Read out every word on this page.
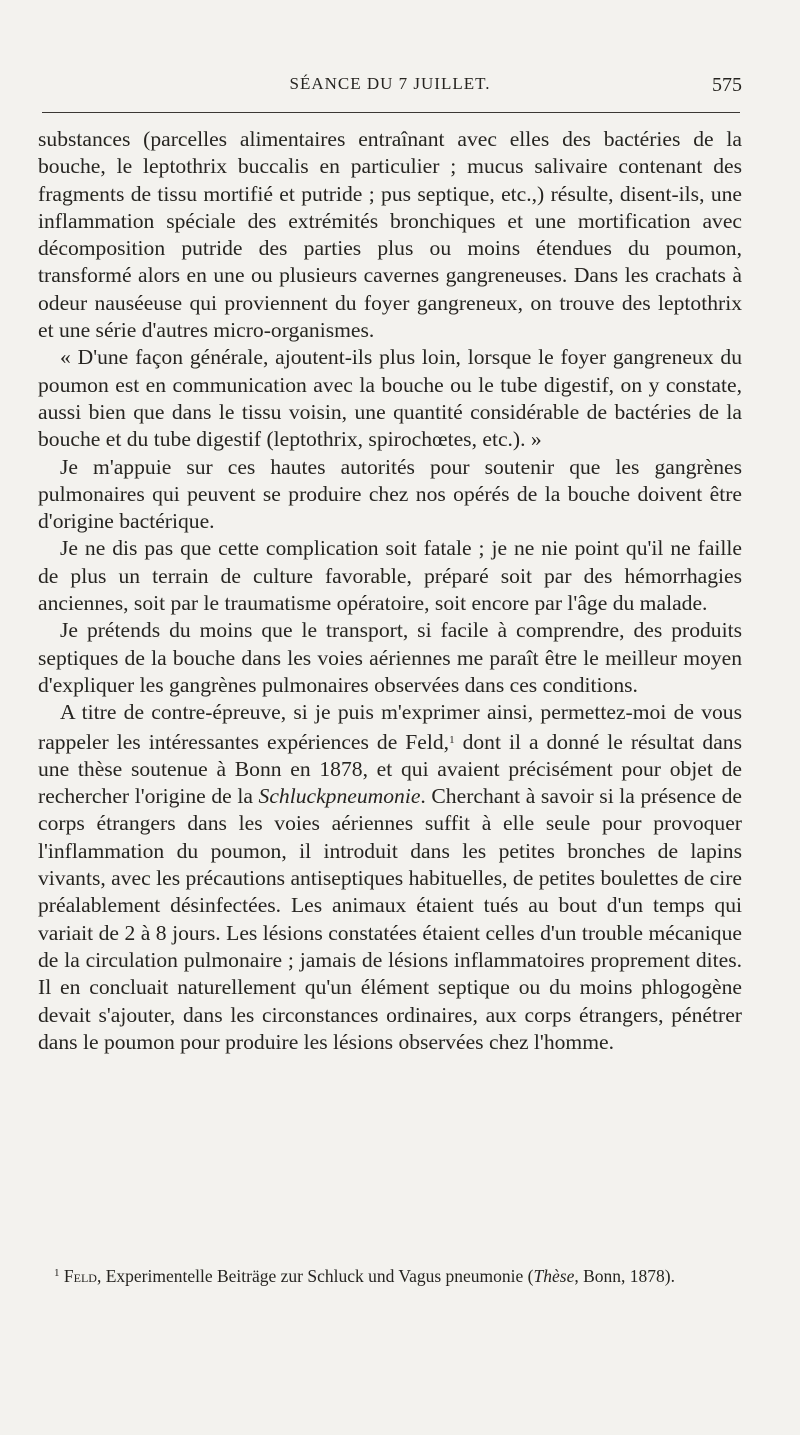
SÉANCE DU 7 JUILLET.	575

substances (parcelles alimentaires entraînant avec elles des bactéries de la bouche, le leptothrix buccalis en particulier ; mucus salivaire contenant des fragments de tissu mortifié et putride ; pus septique, etc.,) résulte, disent-ils, une inflammation spéciale des extrémités bronchiques et une mortification avec décomposition putride des parties plus ou moins étendues du poumon, transformé alors en une ou plusieurs cavernes gangreneuses. Dans les crachats à odeur nauséeuse qui proviennent du foyer gangreneux, on trouve des leptothrix et une série d'autres micro-organismes.

« D'une façon générale, ajoutent-ils plus loin, lorsque le foyer gangreneux du poumon est en communication avec la bouche ou le tube digestif, on y constate, aussi bien que dans le tissu voisin, une quantité considérable de bactéries de la bouche et du tube digestif (leptothrix, spirochœtes, etc.). »

Je m'appuie sur ces hautes autorités pour soutenir que les gangrènes pulmonaires qui peuvent se produire chez nos opérés de la bouche doivent être d'origine bactérique.

Je ne dis pas que cette complication soit fatale ; je ne nie point qu'il ne faille de plus un terrain de culture favorable, préparé soit par des hémorrhagies anciennes, soit par le traumatisme opératoire, soit encore par l'âge du malade.

Je prétends du moins que le transport, si facile à comprendre, des produits septiques de la bouche dans les voies aériennes me paraît être le meilleur moyen d'expliquer les gangrènes pulmonaires observées dans ces conditions.

A titre de contre-épreuve, si je puis m'exprimer ainsi, permettez-moi de vous rappeler les intéressantes expériences de Feld,$^1$ dont il a donné le résultat dans une thèse soutenue à Bonn en 1878, et qui avaient précisément pour objet de rechercher l'origine de la Schluckpneumonie. Cherchant à savoir si la présence de corps étrangers dans les voies aériennes suffit à elle seule pour provoquer l'inflammation du poumon, il introduit dans les petites bronches de lapins vivants, avec les précautions antiseptiques habituelles, de petites boulettes de cire préalablement désinfectées. Les animaux étaient tués au bout d'un temps qui variait de 2 à 8 jours. Les lésions constatées étaient celles d'un trouble mécanique de la circulation pulmonaire ; jamais de lésions inflammatoires proprement dites. Il en concluait naturellement qu'un élément septique ou du moins phlogogène devait s'ajouter, dans les circonstances ordinaires, aux corps étrangers, pénétrer dans le poumon pour produire les lésions observées chez l'homme.

$^1$ Feld, Experimentelle Beiträge zur Schluck und Vagus pneumonie (Thèse, Bonn, 1878).
